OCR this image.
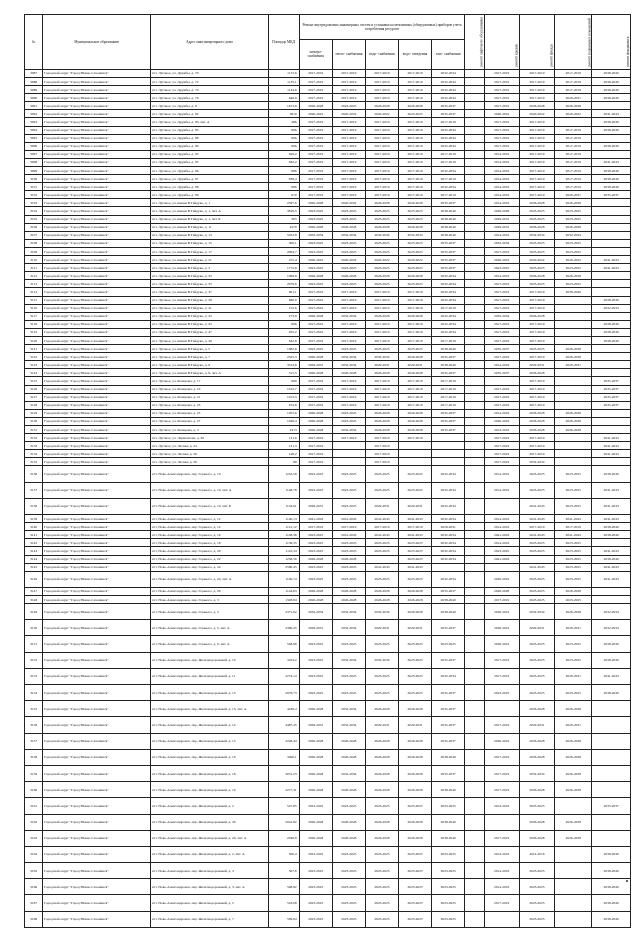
№	Муниципальное образование	Адрес многоквартирного дома	Площадь МКД	Ремонт внутридомовых инженерных систем и установка коллективных (общедомовых) приборов учета потребления ресурсов					ремонт лифтового оборудования	ремонт крыши	ремонт фасада	ремонт подвальных помещений	ремонт фундамента
				электро- снабжения	тепло- снабжения	водо- снабжения	водо- отведения	газо- снабжения					
3087	Городской округ "Город Южно-Сахалинск"	пгт. Луговое, ул. Дружбы, д. 70	1172,6	2017-2019	2017-2019	2017-2019	2017-2019	2032-2034		2017-2019	2017-2019	2017-2019	2038-2040
3088	Городской округ "Город Южно-Сахалинск"	пгт. Луговое, ул. Дружбы, д. 72	1135,1	2017-2019	2017-2019	2017-2019	2017-2019	2032-2034		2017-2019	2017-2019	2017-2019	2038-2040
3089	Городской округ "Город Южно-Сахалинск"	пгт. Луговое, ул. Дружбы, д. 74	1134,6	2017-2019	2017-2019	2017-2019	2017-2019	2032-2034		2017-2019	2017-2019	2017-2019	2038-2040
3090	Городской округ "Город Южно-Сахалинск"	пгт. Луговое, ул. Дружбы, д. 76	646,8	2017-2019	2017-2019	2017-2019	2017-2019	2032-2034		2017-2019	2017-2019	2029-2031	2038-2040
3091	Городской округ "Город Южно-Сахалинск"	пгт. Луговое, ул. Дружбы, д. 8	1673,8	2026-2028	2023-2025	2026-2028	2026-2028	2035-2037		2017-2019	2026-2028	2026-2028	
3092	Городской округ "Город Южно-Сахалинск"	пгт. Луговое, ул. Дружбы, д. 82	3619	2020-2022	2020-2022	2020-2022	2023-2025	2035-2037		2020-2022	2020-2022	2020-2022	2041-2043
3093	Городской округ "Город Южно-Сахалинск"	пгт. Луговое, ул. Дружбы, д. 83, лит. А	486	2017-2019	2017-2019	2017-2019	2017-2019	2017-2019		2017-2019	2017-2019		2038-2040
3094	Городской округ "Город Южно-Сахалинск"	пгт. Луговое, ул. Дружбы, д. 85	866	2017-2019	2017-2019	2017-2019	2017-2019	2032-2034		2017-2019	2017-2019	2017-2019	2038-2040
3095	Городской округ "Город Южно-Сахалинск"	пгт. Луговое, ул. Дружбы, д. 88	866	2017-2019	2017-2019	2017-2019	2017-2019	2032-2034		2017-2019	2017-2019	2017-2019	
3096	Городской округ "Город Южно-Сахалинск"	пгт. Луговое, ул. Дружбы, д. 90	866	2017-2019	2017-2019	2017-2019	2017-2019	2032-2034		2017-2019	2017-2019	2017-2019	2038-2040
3097	Городской округ "Город Южно-Сахалинск"	пгт. Луговое, ул. Дружбы, д. 93	629,2	2017-2019	2017-2019	2017-2019	2017-2019	2017-2019		2014-2016	2017-2019	2017-2019	
3098	Городской округ "Город Южно-Сахалинск"	пгт. Луговое, ул. Дружбы, д. 95	842,2	2017-2019	2017-2019	2017-2019	2017-2019	2017-2019		2014-2016	2017-2019	2017-2019	2041-2043
3099	Городской округ "Город Южно-Сахалинск"	пгт. Луговое, ул. Дружбы, д. 96	866	2017-2019	2017-2019	2017-2019	2017-2019	2032-2034		2014-2016	2017-2019	2017-2019	2038-2040
3100	Городской округ "Город Южно-Сахалинск"	пгт. Луговое, ул. Дружбы, д. 97	839,4	2017-2019	2017-2019	2017-2019	2017-2019	2017-2019		2014-2016	2017-2019	2017-2019	2038-2040
3101	Городской округ "Город Южно-Сахалинск"	пгт. Луговое, ул. Дружбы, д. 98	866	2017-2019	2017-2019	2017-2019	2017-2019	2032-2034		2014-2016	2017-2019	2017-2019	2038-2040
3102	Городской округ "Город Южно-Сахалинск"	пгт. Луговое, ул. Дружбы, д. 99	610	2017-2019	2017-2019	2017-2019	2017-2019	2017-2019		2014-2016	2017-2019	2029-2031	2035-2037
3103	Городской округ "Город Южно-Сахалинск"	пгт. Луговое, ул. имени В.Гайдука, д. 1	2597,6	2026-2028	2020-2022	2026-2028	2026-2028	2035-2037		2014-2016	2026-2028	2026-2028	
3104	Городской округ "Город Южно-Сахалинск"	пгт. Луговое, ул. имени В.Гайдука, д. 1, лит. А	3816,5	2023-2025	2023-2025	2023-2025	2023-2025	2038-2040		2026-2028	2023-2025	2023-2025	
3105	Городской округ "Город Южно-Сахалинск"	пгт. Луговое, ул. имени В.Гайдука, д. 1, лит. Б	305	2023-2025	2023-2025	2023-2025	2023-2025	2038-2040		2029-2031	2023-2025	2023-2025	
3106	Городской округ "Город Южно-Сахалинск"	пгт. Луговое, ул. имени В.Гайдука, д. 11	4279	2026-2028	2026-2028	2026-2028	2026-2028	2038-2040		2029-2031	2026-2028	2026-2028	
3107	Городской округ "Город Южно-Сахалинск"	пгт. Луговое, ул. имени В.Гайдука, д. 13	5452,8	2032-2034	2032-2034	2032-2034	2032-2034	2038-2040		2014-2016	2032-2034	2032-2034	
3108	Городской округ "Город Южно-Сахалинск"	пгт. Луговое, ул. имени В.Гайдука, д. 15	306,1	2023-2025	2023-2025	2023-2025	2023-2025	2035-2037		2032-2034	2023-2025	2023-2025	
3109	Городской округ "Город Южно-Сахалинск"	пгт. Луговое, ул. имени В.Гайдука, д. 17	2064,7	2023-2025	2023-2025	2023-2025	2023-2025	2035-2037		2017-2019	2023-2025	2023-2025	
3110	Городской округ "Город Южно-Сахалинск"	пгт. Луговое, ул. имени В.Гайдука, д. 21	472,4	2020-2022	2020-2022	2020-2022	2020-2022	2035-2037		2020-2022	2020-2022	2020-2022	2041-2043
3111	Городской округ "Город Южно-Сахалинск"	пгт. Луговое, ул. имени В.Гайдука, д. 3	1772,8	2023-2025	2023-2025	2023-2025	2023-2025	2035-2037		2023-2025	2023-2025	2023-2025	2041-2043
3112	Городской округ "Город Южно-Сахалинск"	пгт. Луговое, ул. имени В.Гайдука, д. 33	1099,8	2026-2028	2026-2028	2026-2028	2026-2028	2032-2034		2014-2016	2026-2028	2026-2028	
3113	Городской округ "Город Южно-Сахалинск"	пгт. Луговое, ул. имени В.Гайдука, д. 35	2079,6	2023-2025	2023-2025	2023-2025	2023-2025	2032-2034		2017-2019	2023-2025	2023-2025	
3114	Городской округ "Город Южно-Сахалинск"	пгт. Луговое, ул. имени В.Гайдука, д. 37	661,1	2017-2019	2017-2019	2017-2019	2017-2019	2032-2034		2017-2019	2017-2019	2038-2040	
3115	Городской округ "Город Южно-Сахалинск"	пгт. Луговое, ул. имени В.Гайдука, д. 39	660,9	2017-2019	2017-2019	2017-2019	2017-2019	2032-2034		2017-2019	2017-2019		2038-2040
3116	Городской округ "Город Южно-Сахалинск"	пгт. Луговое, ул. имени В.Гайдука, д. 41	152,6	2017-2019	2017-2019	2017-2019	2017-2019	2017-2019		2017-2019	2017-2019		2032-2034
3117	Городской округ "Город Южно-Сахалинск"	пгт. Луговое, ул. имени В.Гайдука, д. 43	273,8	2026-2028	2032-2034	2026-2028	2026-2028	2032-2034		2032-2034	2026-2028		
3118	Городской округ "Город Южно-Сахалинск"	пгт. Луговое, ул. имени В.Гайдука, д. 45	866	2017-2019	2017-2019	2017-2019	2017-2019	2032-2034		2017-2019	2017-2019		2038-2040
3119	Городской округ "Город Южно-Сахалинск"	пгт. Луговое, ул. имени В.Гайдука, д. 47	635,2	2017-2019	2017-2019	2017-2019	2017-2019	2032-2034		2017-2019	2017-2019		2038-2040
3120	Городской округ "Город Южно-Сахалинск"	пгт. Луговое, ул. имени В.Гайдука, д. 49	642,8	2017-2019	2017-2019	2017-2019	2017-2019	2017-2019		2017-2019	2017-2019		2038-2040
3121	Городской округ "Город Южно-Сахалинск"	пгт. Луговое, ул. имени В.Гайдука, д. 5	1982,6	2023-2025	2023-2025	2023-2025	2023-2025	2038-2040		2035-2037	2023-2025	2026-2028	
3122	Городской округ "Город Южно-Сахалинск"	пгт. Луговое, ул. имени В.Гайдука, д. 7	2325,3	2026-2028	2032-2034	2032-2034	2026-2028	2035-2037		2017-2019	2017-2019	2026-2028	
3123	Городской округ "Город Южно-Сахалинск"	пгт. Луговое, ул. имени В.Гайдука, д. 9	3314,6	2029-2031	2032-2034	2029-2031	2029-2031	2038-2040		2014-2016	2029-2031	2029-2031	
3124	Городской округ "Город Южно-Сахалинск"	пгт. Луговое, ул. имени В.Гайдука, д. 9, лит. А	515,5	2026-2028	2026-2028	2026-2028	2026-2028	2035-2037		2035-2037	2026-2028		
3125	Городской округ "Город Южно-Сахалинск"	пгт. Луговое, ул. Комарова, д. 17	669	2017-2019	2017-2019	2017-2019	2017-2019	2017-2019			2017-2019		2035-2037
3126	Городской округ "Город Южно-Сахалинск"	пгт. Луговое, ул. Комарова, д. 19	1012,7	2017-2019	2017-2019	2017-2019	2017-2019	2017-2019		2017-2019	2017-2019		2035-2037
3127	Городской округ "Город Южно-Сахалинск"	пгт. Луговое, ул. Комарова, д. 21	1013,3	2017-2019	2017-2019	2017-2019	2017-2019	2017-2019		2017-2019	2017-2019		2035-2037
3128	Городской округ "Город Южно-Сахалинск"	пгт. Луговое, ул. Комарова, д. 23	674,8	2017-2019	2017-2019	2017-2019	2017-2019	2017-2019		2017-2019	2017-2019		2035-2037
3129	Городской округ "Город Южно-Сахалинск"	пгт. Луговое, ул. Комарова, д. 25	1055,6	2026-2028	2023-2025	2026-2028	2026-2028	2035-2037		2014-2016	2026-2028	2026-2028	
3130	Городской округ "Город Южно-Сахалинск"	пгт. Луговое, ул. Комарова, д. 27	1046,4	2026-2028	2023-2025	2026-2028	2026-2028	2035-2037		2020-2022	2026-2028	2026-2028	
3131	Городской округ "Город Южно-Сахалинск"	пгт. Луговое, ул. Комарова, д. 3	4313	2026-2028	2032-2034	2026-2028	2026-2028	2035-2037		2014-2016	2026-2028	2026-2028	
3132	Городской округ "Город Южно-Сахалинск"	пгт. Луговое, ул. Лермонтова, д. 20	131,6	2017-2019	2017-2019	2017-2019	2017-2019			2017-2019	2017-2019		2041-2043
3133	Городской округ "Город Южно-Сахалинск"	пгт. Луговое, ул. Лесная, д. 24	131,3	2017-2019		2017-2019				2017-2019	2017-2019		2041-2043
3134	Городской округ "Город Южно-Сахалинск"	пгт. Луговое, ул. Лесная, д. 26	148,2	2017-2019		2017-2019				2017-2019	2017-2019		2041-2043
3135	Городской округ "Город Южно-Сахалинск"	пгт. Луговое, ул. Лесная, д. 28	88	2017-2019		2017-2019				2017-2019	2032-2034		
3136	Городской округ "Город Южно-Сахалинск"	пгт. Ново-Александровск, пер. Горького, д. 10	1216,58	2023-2025	2023-2025	2023-2025	2023-2025	2032-2034		2014-2016	2023-2025	2023-2025	2038-2040
3137	Городской округ "Город Южно-Сахалинск"	пгт. Ново-Александровск, пер. Горького, д. 10, лит. А	1148,78	2023-2025	2023-2025	2023-2025	2023-2025	2032-2034		2014-2016	2023-2025	2023-2025	2041-2043
3138	Городской округ "Город Южно-Сахалинск"	пгт. Ново-Александровск, пер. Горького, д. 10, лит. Б	1134,01	2029-2031	2023-2025	2029-2031	2029-2031	2032-2034			2041-2043	2023-2025	2041-2043
3139	Городской округ "Город Южно-Сахалинск"	пгт. Ново-Александровск, пер. Горького, д. 12	1140,13	2041-2043	2041-2043	2041-2043	2041-2043	2032-2034		2014-2016	2041-2043	2041-2043	2041-2043
3140	Городской округ "Город Южно-Сахалинск"	пгт. Ново-Александровск, пер. Горького, д. 14	1121,12	2017-2019	2017-2019	2017-2019	2017-2019	2029-2031		2014-2016	2017-2019	2017-2019	2038-2040
3141	Городской округ "Город Южно-Сахалинск"	пгт. Ново-Александровск, пер. Горького, д. 16	1148,36	2023-2025	2041-2043	2041-2043	2041-2043	2032-2034		2041-2043	2041-2043	2041-2043	2038-2040
3142	Городской округ "Город Южно-Сахалинск"	пгт. Ново-Александровск, пер. Горького, д. 18	1139,35	2023-2025	2023-2025	2023-2025	2023-2025	2032-2034		2014-2016	2023-2025	2023-2025	
3143	Городской округ "Город Южно-Сахалинск"	пгт. Ново-Александровск, пер. Горького, д. 20	1110,34	2023-2025	2023-2025	2023-2025	2023-2025	2032-2034		2023-2025	2023-2025	2023-2025	2041-2043
3144	Городской округ "Город Южно-Сахалинск"	пгт. Ново-Александровск, пер. Горького, д. 22	1236,56	2026-2028	2026-2028		2023-2025	2032-2034		2041-2043		2023-2025	2038-2040
3145	Городской округ "Город Южно-Сахалинск"	пгт. Ново-Александровск, пер. Горького, д. 24	2580,45	2023-2025	2023-2025	2041-2043	2041-2043				2041-2043	2023-2025	2041-2043
3146	Городской округ "Город Южно-Сахалинск"	пгт. Ново-Александровск, пер. Горького, д. 24, лит. А	1140,74	2023-2025	2023-2025	2023-2025	2023-2025	2032-2034		2020-2022	2023-2025	2023-2025	2041-2043
3147	Городской округ "Город Южно-Сахалинск"	пгт. Ново-Александровск, пер. Горького, д. 26	1144,63	2026-2028	2026-2028	2026-2028	2026-2028	2035-2037		2026-2028	2023-2025	2026-2028	
3148	Городской округ "Город Южно-Сахалинск"	пгт. Ново-Александровск, пер. Горького, д. 3	1328,84	2026-2028	2026-2028	2026-2028	2026-2028	2038-2040		2017-2019	2023-2025	2023-2025	
3149	Городской округ "Город Южно-Сахалинск"	пгт. Ново-Александровск, пер. Горького, д. 5	2371,62	2032-2034	2032-2034	2032-2034	2026-2028	2038-2040		2020-2022	2032-2034	2026-2028	2032-2034
3150	Городской округ "Город Южно-Сахалинск"	пгт. Ново-Александровск, пер. Горького, д. 5, лит. А	2360,45	2029-2031	2032-2034	2029-2031	2029-2031	2035-2037		2020-2022	2029-2031	2029-2031	2032-2034
3151	Городской округ "Город Южно-Сахалинск"	пгт. Ново-Александровск, пер. Горького, д. 6, лит. А	548,96	2023-2025	2023-2025	2023-2025	2023-2025	2023-2025		2020-2022	2023-2025	2023-2025	2038-2040
3152	Городской округ "Город Южно-Сахалинск"	пгт. Ново-Александровск, пер. Железнодорожный, д. 10	3163,2	2023-2025	2032-2034	2032-2034	2023-2025	2035-2037		2017-2019	2023-2025	2023-2025	2038-2040
3153	Городской округ "Город Южно-Сахалинск"	пгт. Ново-Александровск, пер. Железнодорожный, д. 11	2274,14	2023-2025	2023-2025	2023-2025	2023-2025	2032-2034		2017-2019	2023-2025	2029-2031	2041-2043
3154	Городской округ "Город Южно-Сахалинск"	пгт. Ново-Александровск, пер. Железнодорожный, д. 13	2976,73	2023-2025	2023-2025	2023-2025	2023-2025	2035-2037		2023-2025	2023-2025	2023-2025	2038-2040
3155	Городской округ "Город Южно-Сахалинск"	пгт. Ново-Александровск, пер. Железнодорожный, д. 13, лит. А	4438,4	2026-2028	2032-2034	2026-2028	2026-2028	2035-2037			2026-2028	2026-2028	
3156	Городской округ "Город Южно-Сахалинск"	пгт. Ново-Александровск, пер. Железнодорожный, д. 14	4487,45	2029-2031	2032-2034	2029-2031	2029-2031	2035-2037		2017-2019	2029-2031	2029-2031	
3157	Городской округ "Город Южно-Сахалинск"	пгт. Ново-Александровск, пер. Железнодорожный, д. 15	2228,44	2026-2028	2026-2028	2026-2028	2026-2028	2035-2037		2020-2022	2026-2028	2026-2028	
3158	Городской округ "Город Южно-Сахалинск"	пгт. Ново-Александровск, пер. Железнодорожный, д. 16	3490,1	2026-2028	2026-2028	2026-2028	2026-2028	2038-2040		2017-2019	2026-2028	2026-2028	
3159	Городской округ "Город Южно-Сахалинск"	пгт. Ново-Александровск, пер. Железнодорожный, д. 18	3031,23	2026-2028	2032-2034	2026-2028	2026-2028	2035-2037		2017-2019	2032-2034	2026-2028	
3160	Городской округ "Город Южно-Сахалинск"	пгт. Ново-Александровск, пер. Железнодорожный, д. 19	2277,31	2026-2028	2026-2028	2026-2028	2026-2028	2038-2040		2017-2019	2026-2028	2026-2028	
3161	Городской округ "Город Южно-Сахалинск"	пгт. Ново-Александровск, пер. Железнодорожный, д. 2	547,85	2023-2025	2023-2025	2023-2025	2023-2025	2023-2025		2014-2016	2023-2025		2035-2037
3162	Городской округ "Город Южно-Сахалинск"	пгт. Ново-Александровск, пер. Железнодорожный, д. 20	2042,82	2026-2028	2026-2028	2026-2028	2026-2028	2038-2040			2026-2028	2026-2028	
3163	Городской округ "Город Южно-Сахалинск"	пгт. Ново-Александровск, пер. Железнодорожный, д. 20, лит. А	2046,8	2026-2028	2026-2028	2026-2028	2026-2028	2038-2040		2017-2019	2026-2028	2026-2028	
3164	Городской округ "Город Южно-Сахалинск"	пгт. Ново-Александровск, пер. Железнодорожный, д. 2, лит. А	506,4	2023-2025	2023-2025	2023-2025	2023-2025	2023-2025		2014-2016	2014-2016		2038-2040
3165	Городской округ "Город Южно-Сахалинск"	пгт. Ново-Александровск, пер. Железнодорожный, д. 3	507,6	2023-2025	2023-2025	2023-2025	2023-2025	2023-2025		2014-2016	2023-2025		2038-2040
3166	Городской округ "Город Южно-Сахалинск"	пгт. Ново-Александровск, пер. Железнодорожный, д. 3, лит. А	508,82	2023-2025	2023-2025	2023-2025	2023-2025	2023-2025		2014-2016	2023-2025		2038-2040
3167	Городской округ "Город Южно-Сахалинск"	пгт. Ново-Александровск, пер. Железнодорожный, д. 5	516,08	2023-2025	2023-2025	2023-2025	2023-2025	2023-2025		2017-2019	2023-2025		2038-2040
3168	Городской округ "Город Южно-Сахалинск"	пгт. Ново-Александровск, пер. Железнодорожный, д. 7	509,64	2023-2025	2023-2025	2023-2025	2023-2025	2023-2025			2023-2025		2038-2040
